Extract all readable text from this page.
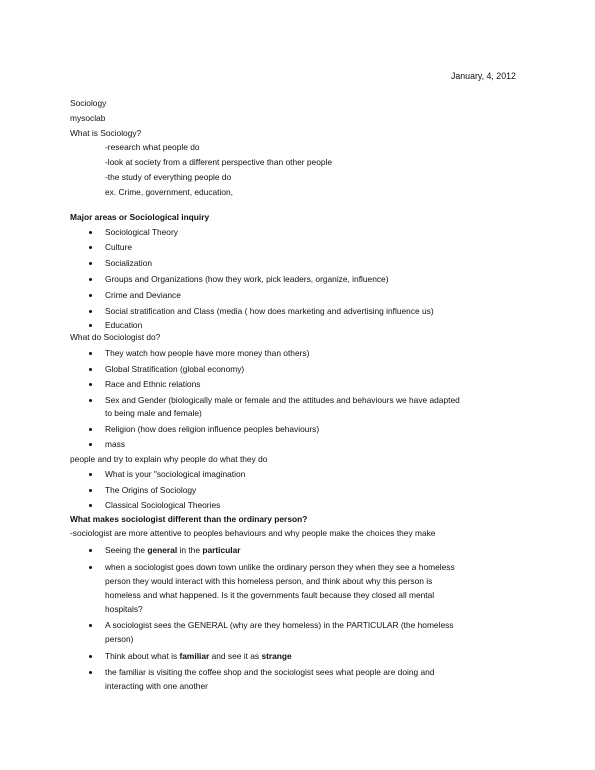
January, 4, 2012
Sociology
mysoclab
What is Sociology?
-research what people do
-look at society from a different perspective than other people
-the study of everything people do
ex. Crime, government, education,
Major areas or Sociological inquiry
Sociological Theory
Culture
Socialization
Groups and Organizations (how they work, pick leaders, organize, influence)
Crime and Deviance
Social stratification and Class (media ( how does marketing and advertising influence us)
Education
What do Sociologist do?
They watch how people have more money than others)
Global Stratification (global economy)
Race and Ethnic relations
Sex and Gender (biologically male or female and the attitudes and behaviours we have adapted
to being male and female)
Religion (how does religion influence peoples behaviours)
mass
people and try to explain why people do what they do
What is your "sociological imagination
The Origins of Sociology
Classical Sociological Theories
What makes sociologist different than the ordinary person?
-sociologist are more attentive to peoples behaviours and why people make the choices they make
Seeing the general in the particular
when a sociologist goes down town unlike the ordinary person they when they see a homeless
person they would interact with this homeless person, and think about why this person is
homeless and what happened. Is it the governments fault because they closed all mental
hospitals?
A sociologist sees the GENERAL (why are they homeless) in the PARTICULAR (the homeless
person)
Think about what is familiar and see it as strange
the familiar is visiting the coffee shop and the sociologist sees what people are doing and
interacting with one another
